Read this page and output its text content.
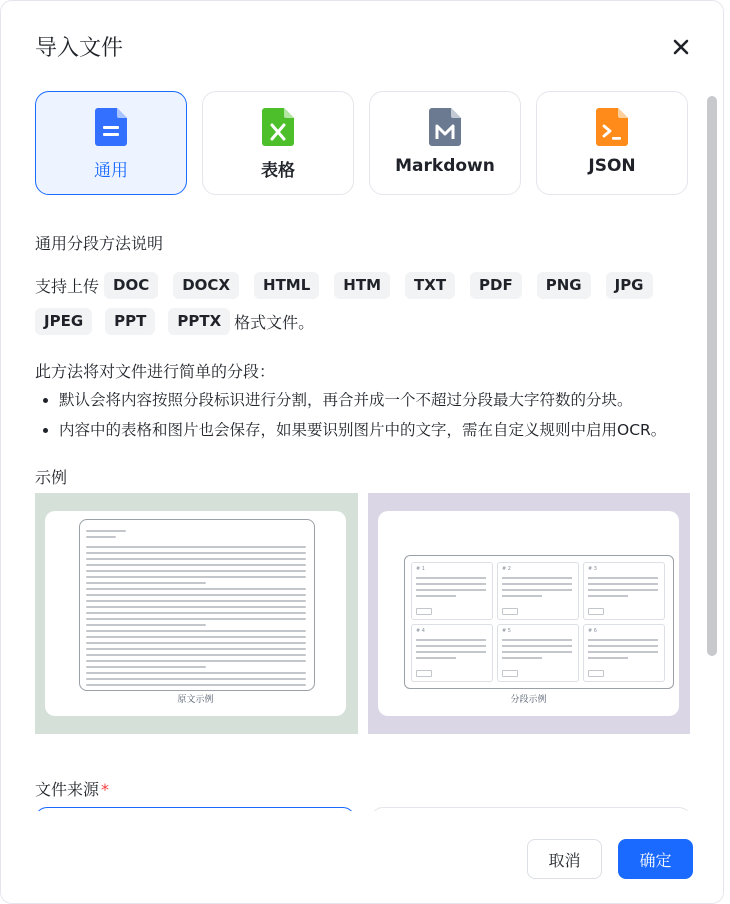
导入文件
通用	表格	Markdown	JSON
通用分段方法说明
支持上传 DOC	DOCX	HTML	HTM	TXT	PDF	PNG	JPG
JPEG	PPT	PPTX 格式文件。
此方法将对文件进行简单的分段：
默认会将内容按照分段标识进行分割，再合并成一个不超过分段最大字符数的分块。
内容中的表格和图片也会保存，如果要识别图片中的文字，需在自定义规则中启用OCR。
示例
原文示例
# 1	# 2	# 3
# 4	# 5	# 6
分段示例
文件来源 *
取消	确定
